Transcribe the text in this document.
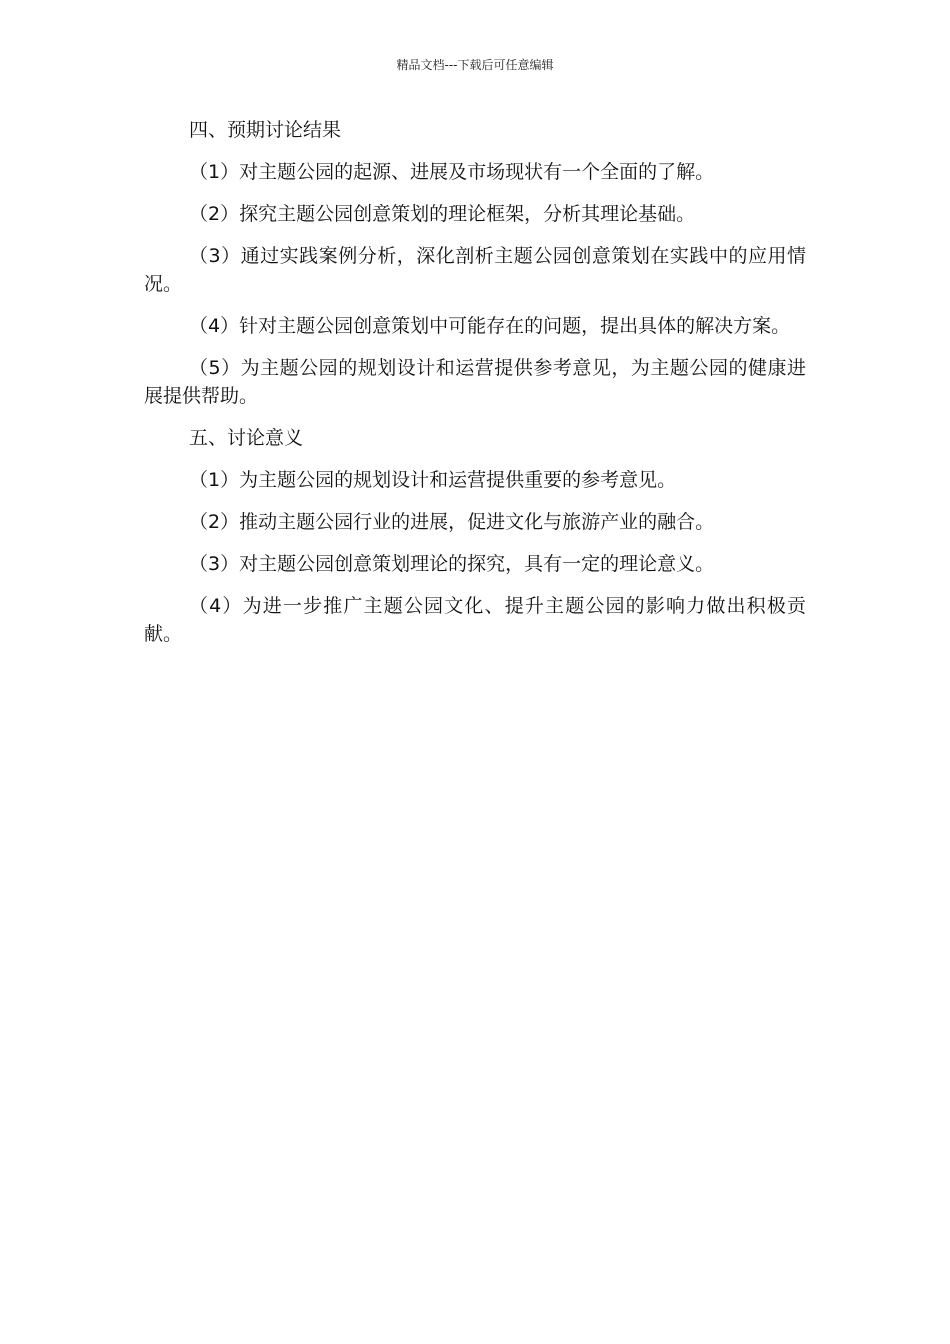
精品文档---下载后可任意编辑
四、预期讨论结果

（1）对主题公园的起源、进展及市场现状有一个全面的了解。

（2）探究主题公园创意策划的理论框架，分析其理论基础。

（3）通过实践案例分析，深化剖析主题公园创意策划在实践中的应用情况。

（4）针对主题公园创意策划中可能存在的问题，提出具体的解决方案。

（5）为主题公园的规划设计和运营提供参考意见，为主题公园的健康进展提供帮助。

五、讨论意义

（1）为主题公园的规划设计和运营提供重要的参考意见。

（2）推动主题公园行业的进展，促进文化与旅游产业的融合。

（3）对主题公园创意策划理论的探究，具有一定的理论意义。

（4）为进一步推广主题公园文化、提升主题公园的影响力做出积极贡献。
